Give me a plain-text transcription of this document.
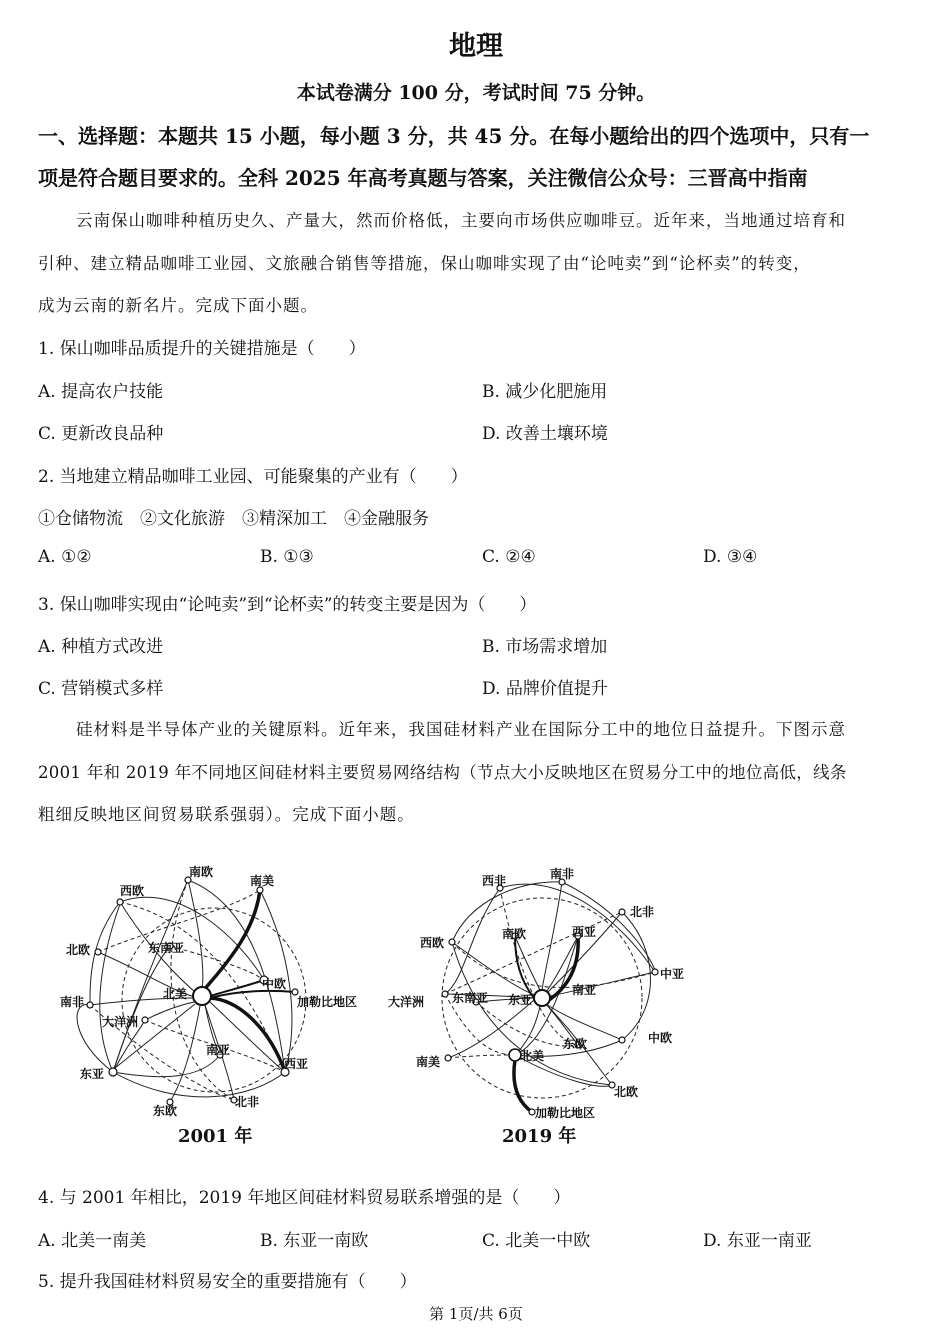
地理
本试卷满分 100 分，考试时间 75 分钟。
一、选择题：本题共 15 小题，每小题 3 分，共 45 分。在每小题给出的四个选项中，只有一
项是符合题目要求的。全科 2025 年高考真题与答案，关注微信公众号：三晋高中指南
云南保山咖啡种植历史久、产量大，然而价格低，主要向市场供应咖啡豆。近年来，当地通过培育和
引种、建立精品咖啡工业园、文旅融合销售等措施，保山咖啡实现了由“论吨卖”到“论杯卖”的转变，
成为云南的新名片。完成下面小题。
1. 保山咖啡品质提升的关键措施是（　　）
A. 提高农户技能	B. 减少化肥施用
C. 更新改良品种	D. 改善土壤环境
2. 当地建立精品咖啡工业园、可能聚集的产业有（　　）
①仓储物流　②文化旅游　③精深加工　④金融服务
A. ①②	B. ①③	C. ②④	D. ③④
3. 保山咖啡实现由“论吨卖”到“论杯卖”的转变主要是因为（　　）
A. 种植方式改进	B. 市场需求增加
C. 营销模式多样	D. 品牌价值提升
硅材料是半导体产业的关键原料。近年来，我国硅材料产业在国际分工中的地位日益提升。下图示意
2001 年和 2019 年不同地区间硅材料主要贸易网络结构（节点大小反映地区在贸易分工中的地位高低，线条
粗细反映地区间贸易联系强弱）。完成下面小题。
南欧
西欧
南美
北欧	东南亚
南非
北美
中欧
加勒比地区
大洋洲
南亚
西亚
东亚
东欧
北非
2001 年
西非	南非
北非
西欧
南欧	西亚
中亚
大洋洲 东南亚 东亚
南亚
中欧
东欧
南美	北美
北欧
加勒比地区
2019 年
4. 与 2001 年相比，2019 年地区间硅材料贸易联系增强的是（　　）
A. 北美一南美	B. 东亚一南欧	C. 北美一中欧	D. 东亚一南亚
5. 提升我国硅材料贸易安全的重要措施有（　　）
第 1页/共 6页
